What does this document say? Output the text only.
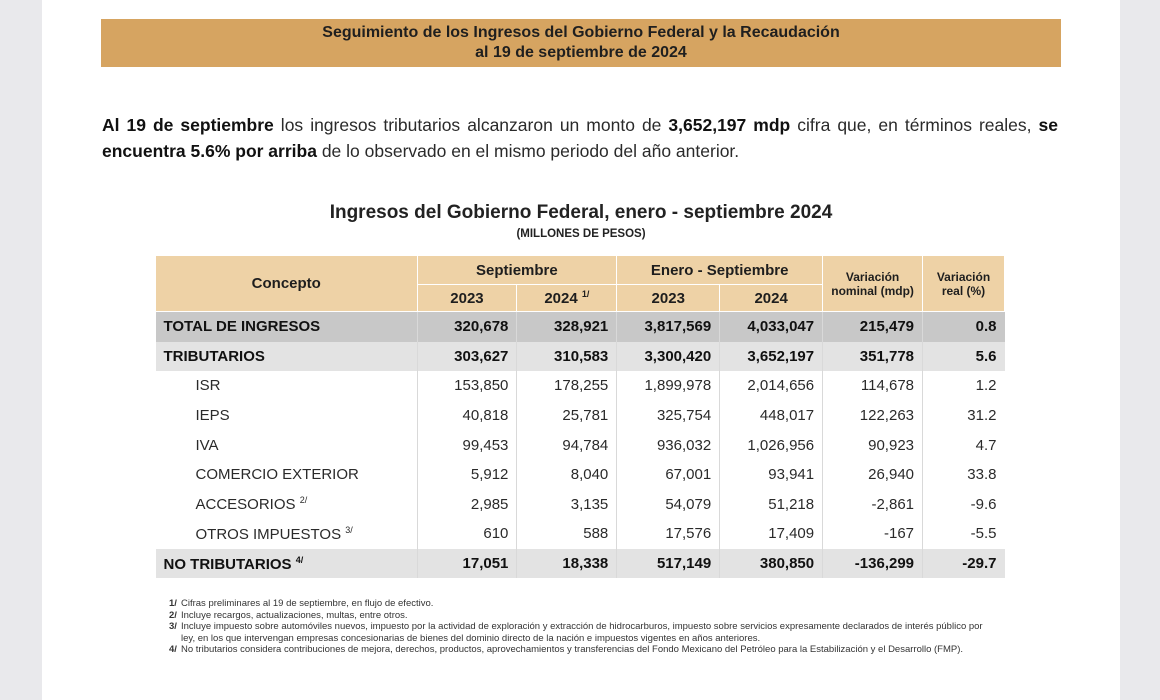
Seguimiento de los Ingresos del Gobierno Federal y la Recaudación
al 19 de septiembre de 2024
Al 19 de septiembre los ingresos tributarios alcanzaron un monto de 3,652,197 mdp cifra que, en términos reales, se encuentra 5.6% por arriba de lo observado en el mismo periodo del año anterior.
Ingresos del Gobierno Federal, enero - septiembre 2024
(MILLONES DE PESOS)
Concepto	Septiembre		Enero - Septiembre		Variación nominal (mdp)	Variación real (%)
	2023	2024 $^{1/}$	2023	2024		
TOTAL DE INGRESOS	320,678	328,921	3,817,569	4,033,047	215,479	0.8
TRIBUTARIOS	303,627	310,583	3,300,420	3,652,197	351,778	5.6
ISR	153,850	178,255	1,899,978	2,014,656	114,678	1.2
IEPS	40,818	25,781	325,754	448,017	122,263	31.2
IVA	99,453	94,784	936,032	1,026,956	90,923	4.7
COMERCIO EXTERIOR	5,912	8,040	67,001	93,941	26,940	33.8
ACCESORIOS $^{2/}$	2,985	3,135	54,079	51,218	-2,861	-9.6
OTROS IMPUESTOS $^{3/}$	610	588	17,576	17,409	-167	-5.5
NO TRIBUTARIOS $^{4/}$	17,051	18,338	517,149	380,850	-136,299	-29.7
1/ Cifras preliminares al 19 de septiembre, en flujo de efectivo.
2/ Incluye recargos, actualizaciones, multas, entre otros.
3/ Incluye impuesto sobre automóviles nuevos, impuesto por la actividad de exploración y extracción de hidrocarburos, impuesto sobre servicios expresamente declarados de interés público por ley, en los que intervengan empresas concesionarias de bienes del dominio directo de la nación e impuestos vigentes en años anteriores.
4/ No tributarios considera contribuciones de mejora, derechos, productos, aprovechamientos y transferencias del Fondo Mexicano del Petróleo para la Estabilización y el Desarrollo (FMP).
